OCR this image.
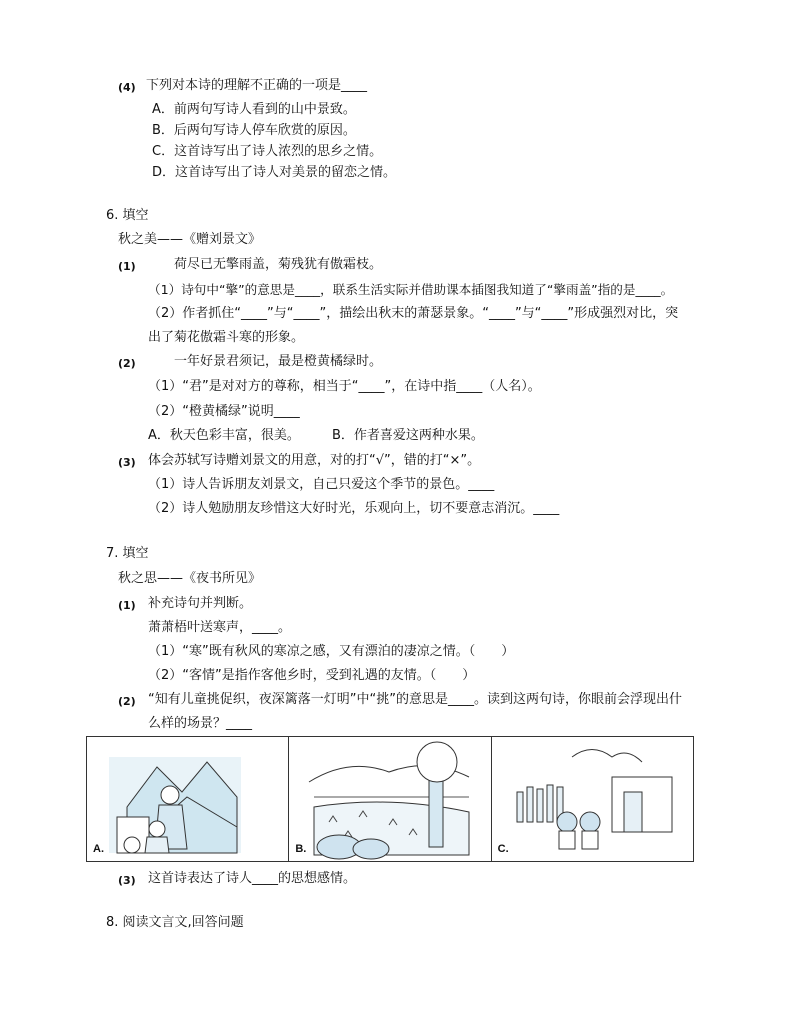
(4) 下列对本诗的理解不正确的一项是____
A．前两句写诗人看到的山中景致。
B．后两句写诗人停车欣赏的原因。
C．这首诗写出了诗人浓烈的思乡之情。
D．这首诗写出了诗人对美景的留恋之情。
6. 填空
秋之美——《赠刘景文》
(1)	荷尽已无擎雨盖，菊残犹有傲霜枝。
（1）诗句中“擎”的意思是____，联系生活实际并借助课本插图我知道了“擎雨盖”指的是____。
（2）作者抓住“____”与“____”，描绘出秋末的萧瑟景象。“____”与“____”形成强烈对比，突
出了菊花傲霜斗寒的形象。
(2)	一年好景君须记，最是橙黄橘绿时。
（1）“君”是对对方的尊称，相当于“____”，在诗中指____（人名）。
（2）“橙黄橘绿”说明____
A．秋天色彩丰富，很美。 B．作者喜爱这两种水果。
(3) 体会苏轼写诗赠刘景文的用意，对的打“√”，错的打“×”。
（1）诗人告诉朋友刘景文，自己只爱这个季节的景色。____
（2）诗人勉励朋友珍惜这大好时光，乐观向上，切不要意志消沉。____
7. 填空
秋之思——《夜书所见》
(1) 补充诗句并判断。
萧萧梧叶送寒声，____。
（1）“寒”既有秋风的寒凉之感，又有漂泊的凄凉之情。（　　）
（2）“客情”是指作客他乡时，受到礼遇的友情。（　　）
(2) “知有儿童挑促织，夜深篱落一灯明”中“挑”的意思是____。读到这两句诗，你眼前会浮现出什
么样的场景？____
A.	B.	C.
(3) 这首诗表达了诗人____的思想感情。
8. 阅读文言文,回答问题
